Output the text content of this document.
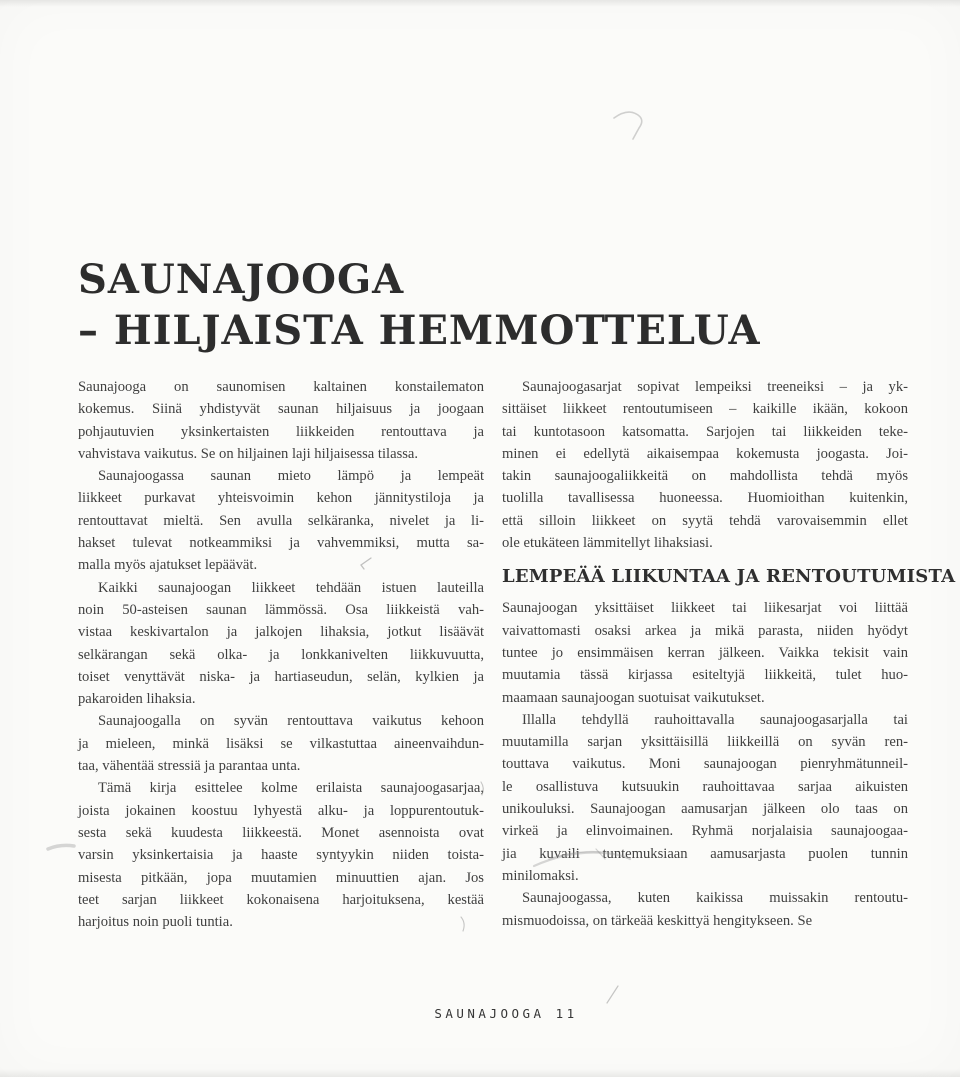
SAUNAJOOGA
– HILJAISTA HEMMOTTELUA
Saunajooga on saunomisen kaltainen konstailematon
kokemus. Siinä yhdistyvät saunan hiljaisuus ja joogaan
pohjautuvien yksinkertaisten liikkeiden rentouttava ja
vahvistava vaikutus. Se on hiljainen laji hiljaisessa tilassa.
Saunajoogassa saunan mieto lämpö ja lempeät
liikkeet purkavat yhteisvoimin kehon jännitystiloja ja
rentouttavat mieltä. Sen avulla selkäranka, nivelet ja li-
hakset tulevat notkeammiksi ja vahvemmiksi, mutta sa-
malla myös ajatukset lepäävät.
Kaikki saunajoogan liikkeet tehdään istuen lauteilla
noin 50-asteisen saunan lämmössä. Osa liikkeistä vah-
vistaa keskivartalon ja jalkojen lihaksia, jotkut lisäävät
selkärangan sekä olka- ja lonkkanivelten liikkuvuutta,
toiset venyttävät niska- ja hartiaseudun, selän, kylkien ja
pakaroiden lihaksia.
Saunajoogalla on syvän rentouttava vaikutus kehoon
ja mieleen, minkä lisäksi se vilkastuttaa aineenvaihdun-
taa, vähentää stressiä ja parantaa unta.
Tämä kirja esittelee kolme erilaista saunajoogasarjaa,
joista jokainen koostuu lyhyestä alku- ja loppurentoutuk-
sesta sekä kuudesta liikkeestä. Monet asennoista ovat
varsin yksinkertaisia ja haaste syntyykin niiden toista-
misesta pitkään, jopa muutamien minuuttien ajan. Jos
teet sarjan liikkeet kokonaisena harjoituksena, kestää
harjoitus noin puoli tuntia.
Saunajoogasarjat sopivat lempeiksi treeneiksi – ja yk-
sittäiset liikkeet rentoutumiseen – kaikille ikään, kokoon
tai kuntotasoon katsomatta. Sarjojen tai liikkeiden teke-
minen ei edellytä aikaisempaa kokemusta joogasta. Joi-
takin saunajoogaliikkeitä on mahdollista tehdä myös
tuolilla tavallisessa huoneessa. Huomioithan kuitenkin,
että silloin liikkeet on syytä tehdä varovaisemmin ellet
ole etukäteen lämmitellyt lihaksiasi.
LEMPEÄÄ LIIKUNTAA JA RENTOUTUMISTA
Saunajoogan yksittäiset liikkeet tai liikesarjat voi liittää
vaivattomasti osaksi arkea ja mikä parasta, niiden hyödyt
tuntee jo ensimmäisen kerran jälkeen. Vaikka tekisit vain
muutamia tässä kirjassa esiteltyjä liikkeitä, tulet huo-
maamaan saunajoogan suotuisat vaikutukset.
Illalla tehdyllä rauhoittavalla saunajoogasarjalla tai
muutamilla sarjan yksittäisillä liikkeillä on syvän ren-
touttava vaikutus. Moni saunajoogan pienryhmätunneil-
le osallistuva kutsuukin rauhoittavaa sarjaa aikuisten
unikouluksi. Saunajoogan aamusarjan jälkeen olo taas on
virkeä ja elinvoimainen. Ryhmä norjalaisia saunajoogaa-
jia kuvaili tuntemuksiaan aamusarjasta puolen tunnin
minilomaksi.
Saunajoogassa, kuten kaikissa muissakin rentoutu-
mismuodoissa, on tärkeää keskittyä hengitykseen. Se
SAUNAJOOGA 11
